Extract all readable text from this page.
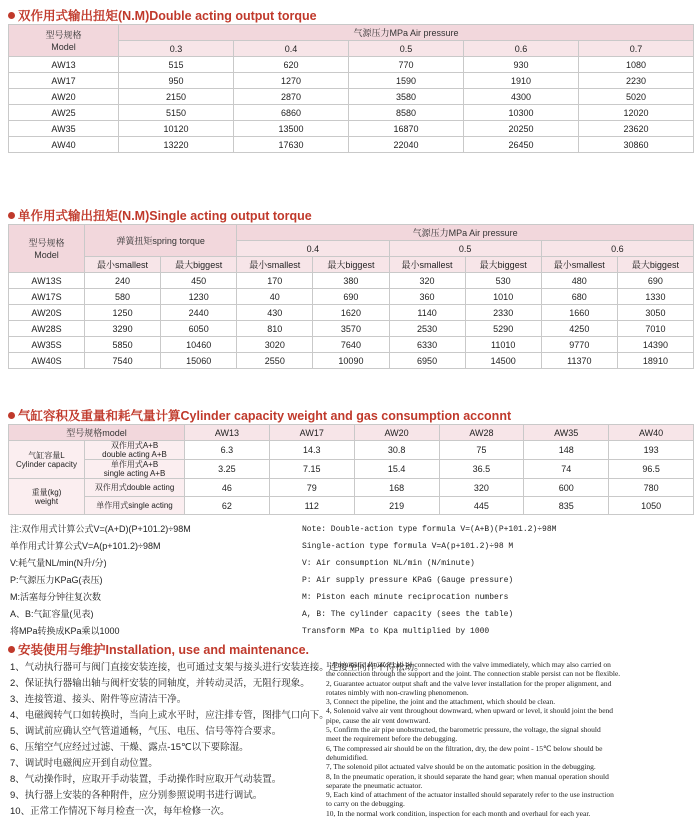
双作用式输出扭矩(N.M)Double acting output torque
型号规格
Model	气源压力MPa Air pressure				
	0.3	0.4	0.5	0.6	0.7
AW13	515	620	770	930	1080
AW17	950	1270	1590	1910	2230
AW20	2150	2870	3580	4300	5020
AW25	5150	6860	8580	10300	12020
AW35	10120	13500	16870	20250	23620
AW40	13220	17630	22040	26450	30860
单作用式输出扭矩(N.M)Single acting output torque
型号规格
Model	弹簧扭矩spring torque		气源压力MPa Air pressure					
			0.4		0.5		0.6	
	最小smallest	最大biggest	最小smallest	最大biggest	最小smallest	最大biggest	最小smallest	最大biggest
AW13S	240	450	170	380	320	530	480	690
AW17S	580	1230	40	690	360	1010	680	1330
AW20S	1250	2440	430	1620	1140	2330	1660	3050
AW28S	3290	6050	810	3570	2530	5290	4250	7010
AW35S	5850	10460	3020	7640	6330	11010	9770	14390
AW40S	7540	15060	2550	10090	6950	14500	11370	18910
气缸容积及重量和耗气量计算Cylinder capacity weight and gas consumption acconnt
型号规格model		AW13	AW17	AW20	AW28	AW35	AW40
气缸容量L
Cylinder capacity	双作用式A+B
double acting A+B	6.3	14.3	30.8	75	148	193
	单作用式A+B
single acting A+B	3.25	7.15	15.4	36.5	74	96.5
重量(kg)
weight	双作用式double acting	46	79	168	320	600	780
	单作用式single acting	62	112	219	445	835	1050
注:双作用式计算公式V=(A+D)(P+101.2)÷98M
单作用式计算公式V=A(p+101.2)÷98M
V:耗气量NL/min(N升/分)
P:气源压力KPaG(表压)
M:活塞每分钟往复次数
A、B:气缸容量(见表)
将MPa转换成KPa乘以1000
Note: Double-action type formula V=(A+B)(P+101.2)÷98M
Single-action type formula V=A(p+101.2)÷98 M
V: Air consumption NL/min (N/minute)
P: Air supply pressure KPaG (Gauge pressure)
M: Piston each minute reciprocation numbers
A, B: The cylinder capacity (sees the table)
Transform MPa to Kpa multiplied by 1000
安装使用与维护Installation, use and maintenance.
1、气动执行器可与阀门直接安装连接，也可通过支架与接头进行安装连接。连接至同作不得松动。
2、保证执行器输出轴与阀杆安装的同轴度，并转动灵活，无阻行现象。
3、连接管道、接头、附件等应清洁干净。
4、电磁阀转气口如转换时，当向上或水平时，应注排专管，图排气口向下。
5、调试前应确认空气管道通畅，气压、电压、信号等符合要求。
6、压缩空气应经过过滤、干燥、露点-15℃以下要除湿。
7、调试时电磁阀应开到自动位置。
8、气动操作时，应取开手动装置，手动操作时应取开气动装置。
9、执行器上安装的各种附件，应分别参照说明书进行调试。
10、正常工作情况下每月检查一次，每年检修一次。
1, Pneumatic actuator can be connected with the valve immediately, which may also carried on
the connection through the support and the joint. The connection stable persist can not be flexible.
2, Guarantee actuator output shaft and the valve lever installation for the proper alignment, and
rotates nimbly with non-crawling phenomenon.
3, Connect the pipeline, the joint and the attachment, which should be clean.
4, Solenoid valve air vent throughout downward, when upward or level, it should joint the bend
pipe, cause the air vent downward.
5, Confirm the air pipe unobstructed, the barometric pressure, the voltage, the signal should
meet the requirement before the debugging.
6, The compressed air should be on the filtration, dry, the dew point - 15℃ below should be
dehumidified.
7, The solenoid pilot actuated valve should be on the automatic position in the debugging.
8, In the pneumatic operation, it should separate the hand gear; when manual operation should
separate the pneumatic actuator.
9, Each kind of attachment of the actuator installed should separately refer to the use instruction
to carry on the debugging.
10, In the normal work condition, inspection for each month and overhaul for each year.
